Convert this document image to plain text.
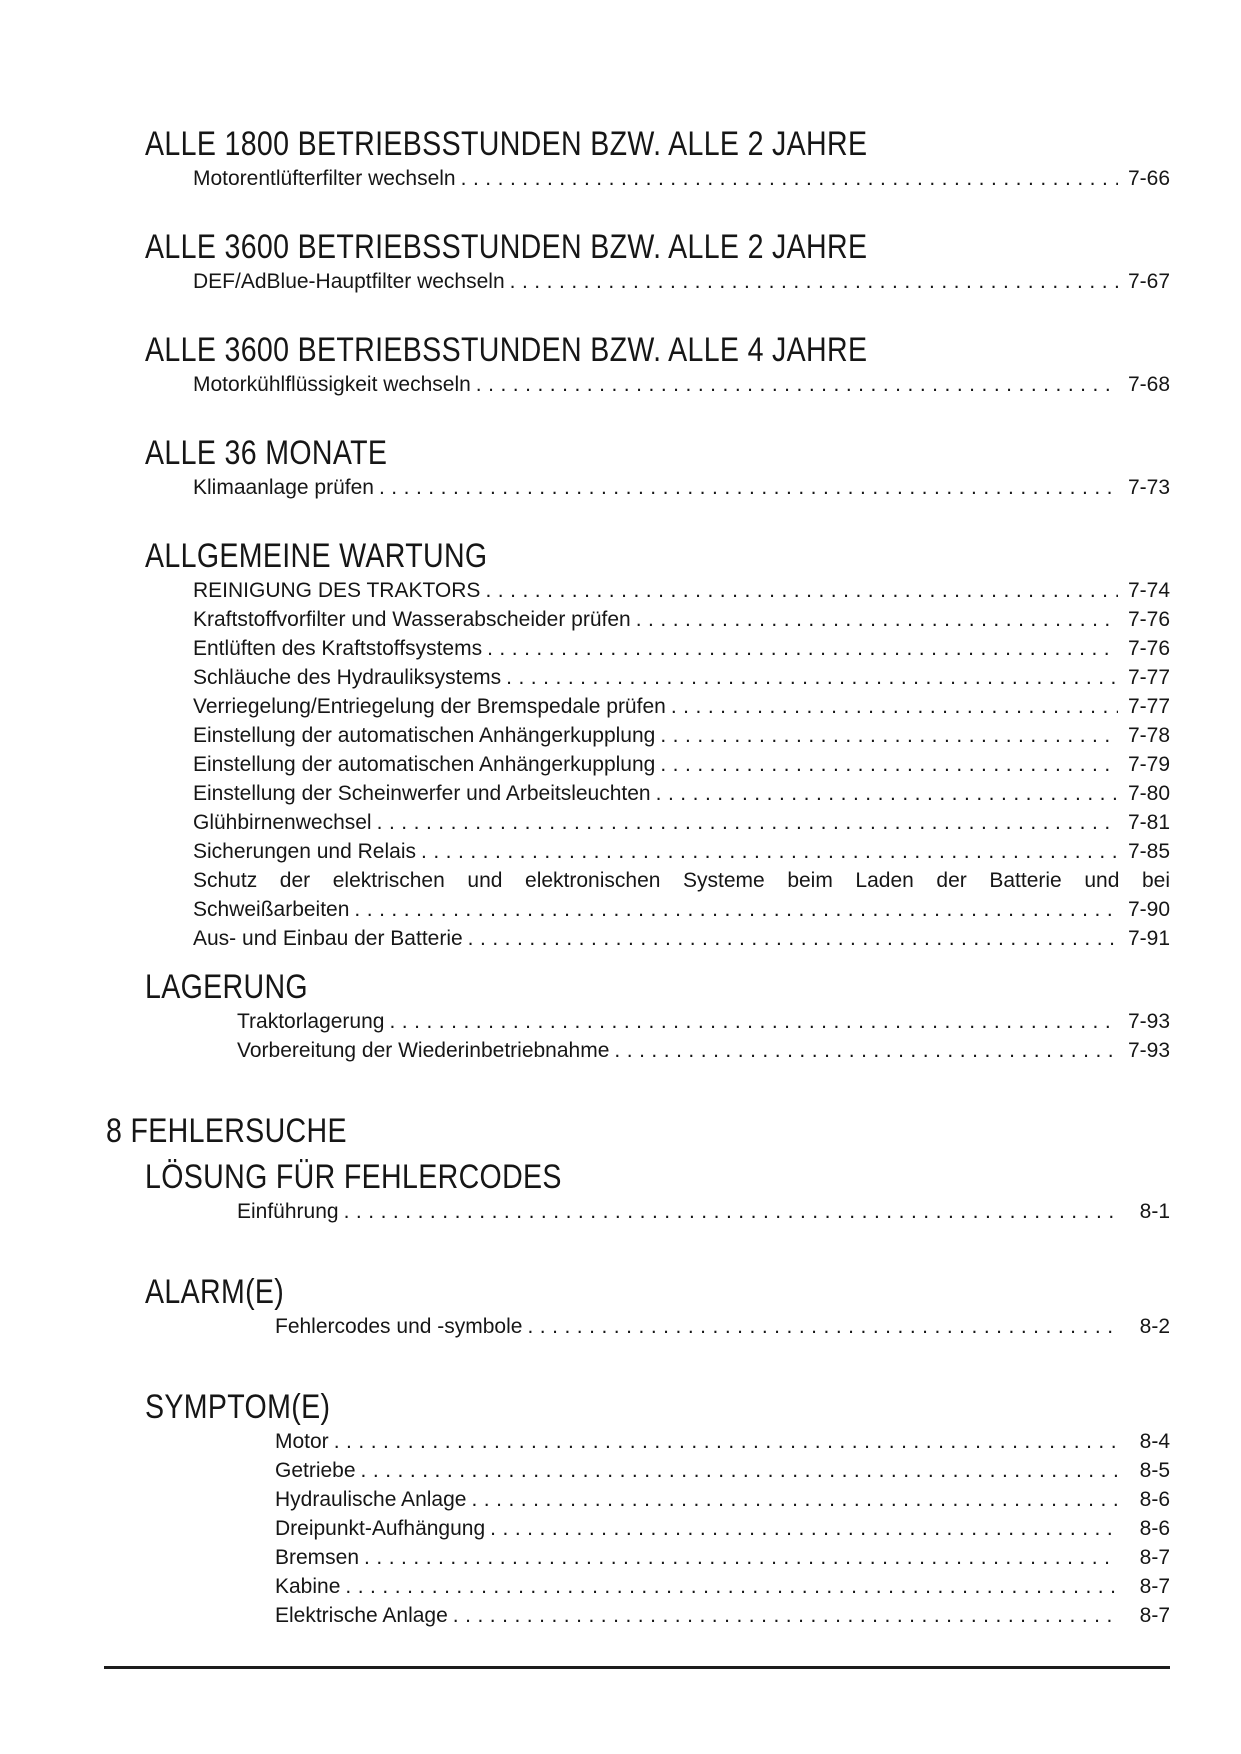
ALLE 1800 BETRIEBSSTUNDEN BZW. ALLE 2 JAHRE
Motorentlüfterfilter wechseln .....	7-66
ALLE 3600 BETRIEBSSTUNDEN BZW. ALLE 2 JAHRE
DEF/AdBlue-Hauptfilter wechseln .....	7-67
ALLE 3600 BETRIEBSSTUNDEN BZW. ALLE 4 JAHRE
Motorkühlflüssigkeit wechseln .....	7-68
ALLE 36 MONATE
Klimaanlage prüfen .....	7-73
ALLGEMEINE WARTUNG
REINIGUNG DES TRAKTORS .....	7-74
Kraftstoffvorfilter und Wasserabscheider prüfen .....	7-76
Entlüften des Kraftstoffsystems .....	7-76
Schläuche des Hydrauliksystems .....	7-77
Verriegelung/Entriegelung der Bremspedale prüfen .....	7-77
Einstellung der automatischen Anhängerkupplung .....	7-78
Einstellung der automatischen Anhängerkupplung .....	7-79
Einstellung der Scheinwerfer und Arbeitsleuchten .....	7-80
Glühbirnenwechsel .....	7-81
Sicherungen und Relais .....	7-85
Schutz der elektrischen und elektronischen Systeme beim Laden der Batterie und bei
Schweißarbeiten .....	7-90
Aus- und Einbau der Batterie .....	7-91
LAGERUNG
Traktorlagerung .....	7-93
Vorbereitung der Wiederinbetriebnahme .....	7-93
8 FEHLERSUCHE
LÖSUNG FÜR FEHLERCODES
Einführung .....	8-1
ALARM(E)
Fehlercodes und -symbole .....	8-2
SYMPTOM(E)
Motor .....	8-4
Getriebe .....	8-5
Hydraulische Anlage .....	8-6
Dreipunkt-Aufhängung .....	8-6
Bremsen .....	8-7
Kabine .....	8-7
Elektrische Anlage .....	8-7
